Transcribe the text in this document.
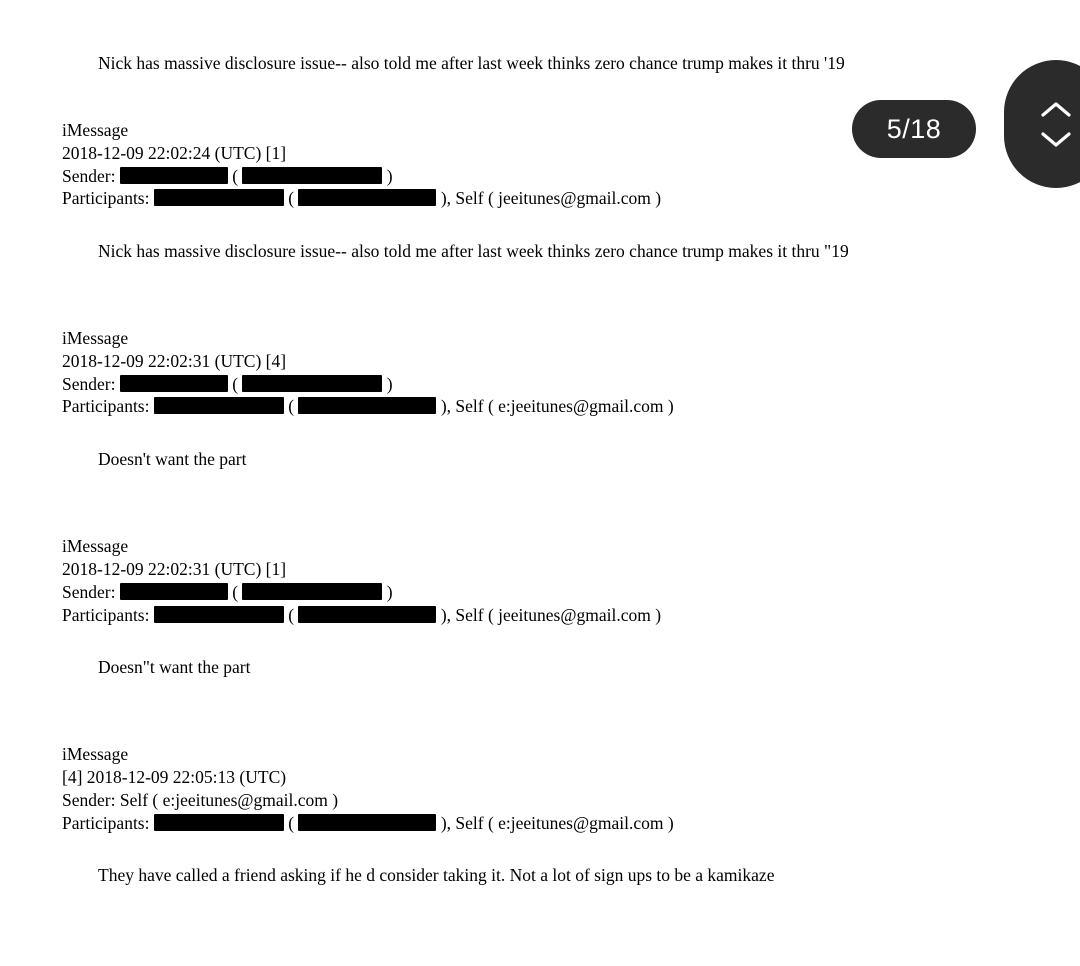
Nick has massive disclosure issue-- also told me after last week thinks zero chance trump makes it thru '19

iMessage
2018-12-09 22:02:24 (UTC) [1]
Sender:	(	)
Participants:	(	), Self ( jeeitunes@gmail.com )

Nick has massive disclosure issue-- also told me after last week thinks zero chance trump makes it thru "19

iMessage
2018-12-09 22:02:31 (UTC) [4]
Sender:	(	)
Participants:	(	), Self ( e:jeeitunes@gmail.com )

Doesn't want the part

iMessage
2018-12-09 22:02:31 (UTC) [1]
Sender:	(	)
Participants:	(	), Self ( jeeitunes@gmail.com )

Doesn"t want the part

iMessage
[4] 2018-12-09 22:05:13 (UTC)
Sender: Self ( e:jeeitunes@gmail.com )
Participants:	(	), Self ( e:jeeitunes@gmail.com )

They have called a friend asking if he d consider taking it. Not a lot of sign ups to be a kamikaze

5/18
